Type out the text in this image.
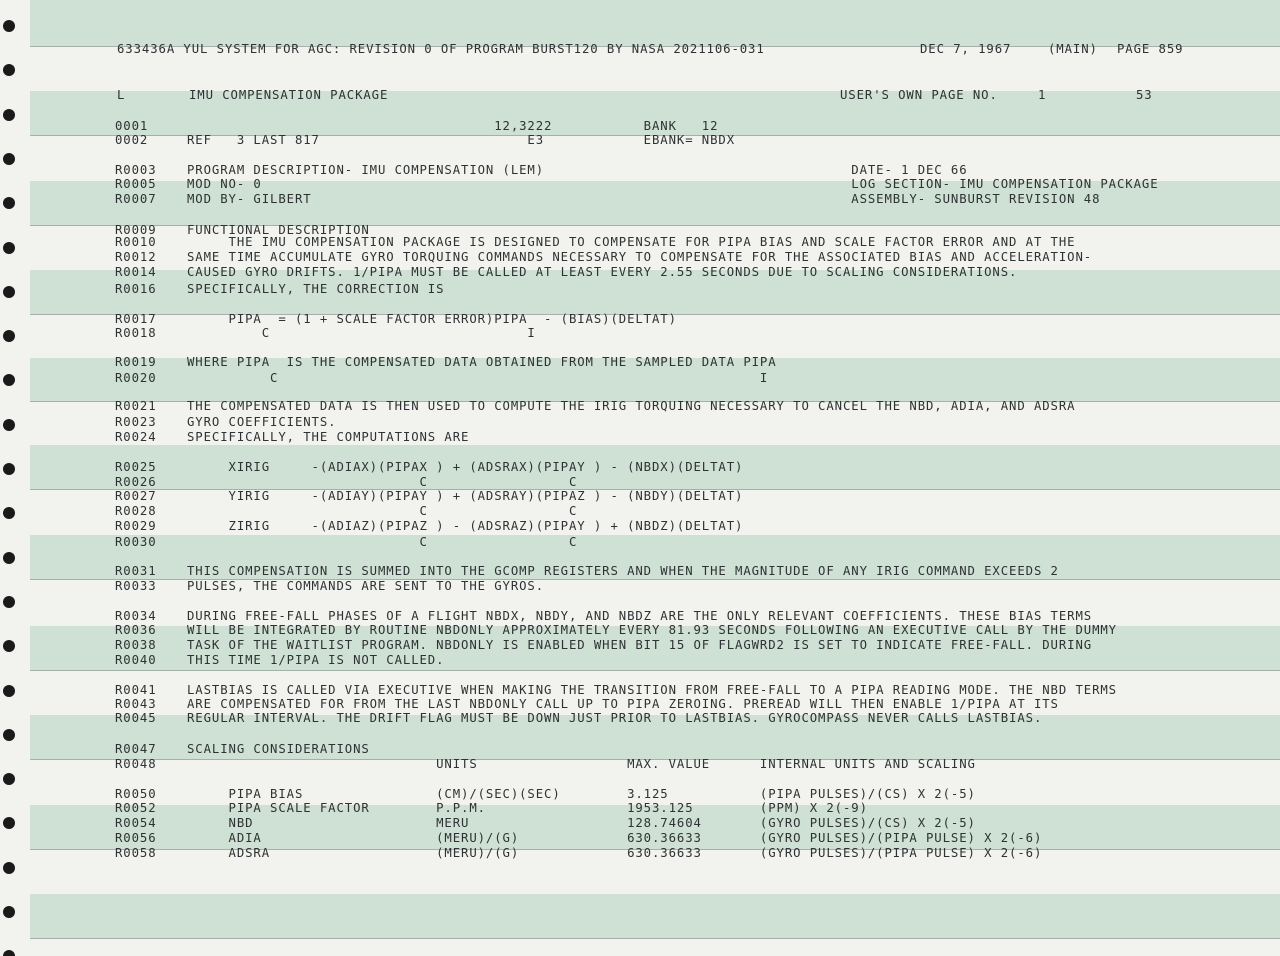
633436A YUL SYSTEM FOR AGC: REVISION 0 OF PROGRAM BURST120 BY NASA 2021106-031	DEC 7, 1967	(MAIN) PAGE 859
L	IMU COMPENSATION PACKAGE	USER'S OWN PAGE NO.	1	53
0001	12,3222           BANK   12
0002	REF   3 LAST 817                         E3            EBANK= NBDX
R0003 PROGRAM DESCRIPTION- IMU COMPENSATION (LEM)                                     DATE- 1 DEC 66
R0005 MOD NO- 0                                                                       LOG SECTION- IMU COMPENSATION PACKAGE
R0007 MOD BY- GILBERT                                                                 ASSEMBLY- SUNBURST REVISION 48
R0009 FUNCTIONAL DESCRIPTION
R0010 THE IMU COMPENSATION PACKAGE IS DESIGNED TO COMPENSATE FOR PIPA BIAS AND SCALE FACTOR ERROR AND AT THE
R0012 SAME TIME ACCUMULATE GYRO TORQUING COMMANDS NECESSARY TO COMPENSATE FOR THE ASSOCIATED BIAS AND ACCELERATION-
R0014 CAUSED GYRO DRIFTS. 1/PIPA MUST BE CALLED AT LEAST EVERY 2.55 SECONDS DUE TO SCALING CONSIDERATIONS.
R0016 SPECIFICALLY, THE CORRECTION IS
R0017 PIPA  = (1 + SCALE FACTOR ERROR)PIPA  - (BIAS)(DELTAT)
R0018 C                               I
R0019 WHERE PIPA  IS THE COMPENSATED DATA OBTAINED FROM THE SAMPLED DATA PIPA
R0020 C                                                          I
R0021 THE COMPENSATED DATA IS THEN USED TO COMPUTE THE IRIG TORQUING NECESSARY TO CANCEL THE NBD, ADIA, AND ADSRA
R0023 GYRO COEFFICIENTS.
R0024 SPECIFICALLY, THE COMPUTATIONS ARE
R0025 XIRIG     -(ADIAX)(PIPAX ) + (ADSRAX)(PIPAY ) - (NBDX)(DELTAT)
R0026 C                 C
R0027 YIRIG     -(ADIAY)(PIPAY ) + (ADSRAY)(PIPAZ ) - (NBDY)(DELTAT)
R0028 C                 C
R0029 ZIRIG     -(ADIAZ)(PIPAZ ) - (ADSRAZ)(PIPAY ) + (NBDZ)(DELTAT)
R0030 C                 C
R0031 THIS COMPENSATION IS SUMMED INTO THE GCOMP REGISTERS AND WHEN THE MAGNITUDE OF ANY IRIG COMMAND EXCEEDS 2
R0033 PULSES, THE COMMANDS ARE SENT TO THE GYROS.
R0034 DURING FREE-FALL PHASES OF A FLIGHT NBDX, NBDY, AND NBDZ ARE THE ONLY RELEVANT COEFFICIENTS. THESE BIAS TERMS
R0036 WILL BE INTEGRATED BY ROUTINE NBDONLY APPROXIMATELY EVERY 81.93 SECONDS FOLLOWING AN EXECUTIVE CALL BY THE DUMMY
R0038 TASK OF THE WAITLIST PROGRAM. NBDONLY IS ENABLED WHEN BIT 15 OF FLAGWRD2 IS SET TO INDICATE FREE-FALL. DURING
R0040 THIS TIME 1/PIPA IS NOT CALLED.
R0041 LASTBIAS IS CALLED VIA EXECUTIVE WHEN MAKING THE TRANSITION FROM FREE-FALL TO A PIPA READING MODE. THE NBD TERMS
R0043 ARE COMPENSATED FOR FROM THE LAST NBDONLY CALL UP TO PIPA ZEROING. PREREAD WILL THEN ENABLE 1/PIPA AT ITS
R0045 REGULAR INTERVAL. THE DRIFT FLAG MUST BE DOWN JUST PRIOR TO LASTBIAS. GYROCOMPASS NEVER CALLS LASTBIAS.
R0047 SCALING CONSIDERATIONS
R0048 UNITS                  MAX. VALUE      INTERNAL UNITS AND SCALING
R0050 PIPA BIAS                (CM)/(SEC)(SEC)        3.125           (PIPA PULSES)/(CS) X 2(-5)
R0052 PIPA SCALE FACTOR        P.P.M.                 1953.125        (PPM) X 2(-9)
R0054 NBD                      MERU                   128.74604       (GYRO PULSES)/(CS) X 2(-5)
R0056 ADIA                     (MERU)/(G)             630.36633       (GYRO PULSES)/(PIPA PULSE) X 2(-6)
R0058 ADSRA                    (MERU)/(G)             630.36633       (GYRO PULSES)/(PIPA PULSE) X 2(-6)
